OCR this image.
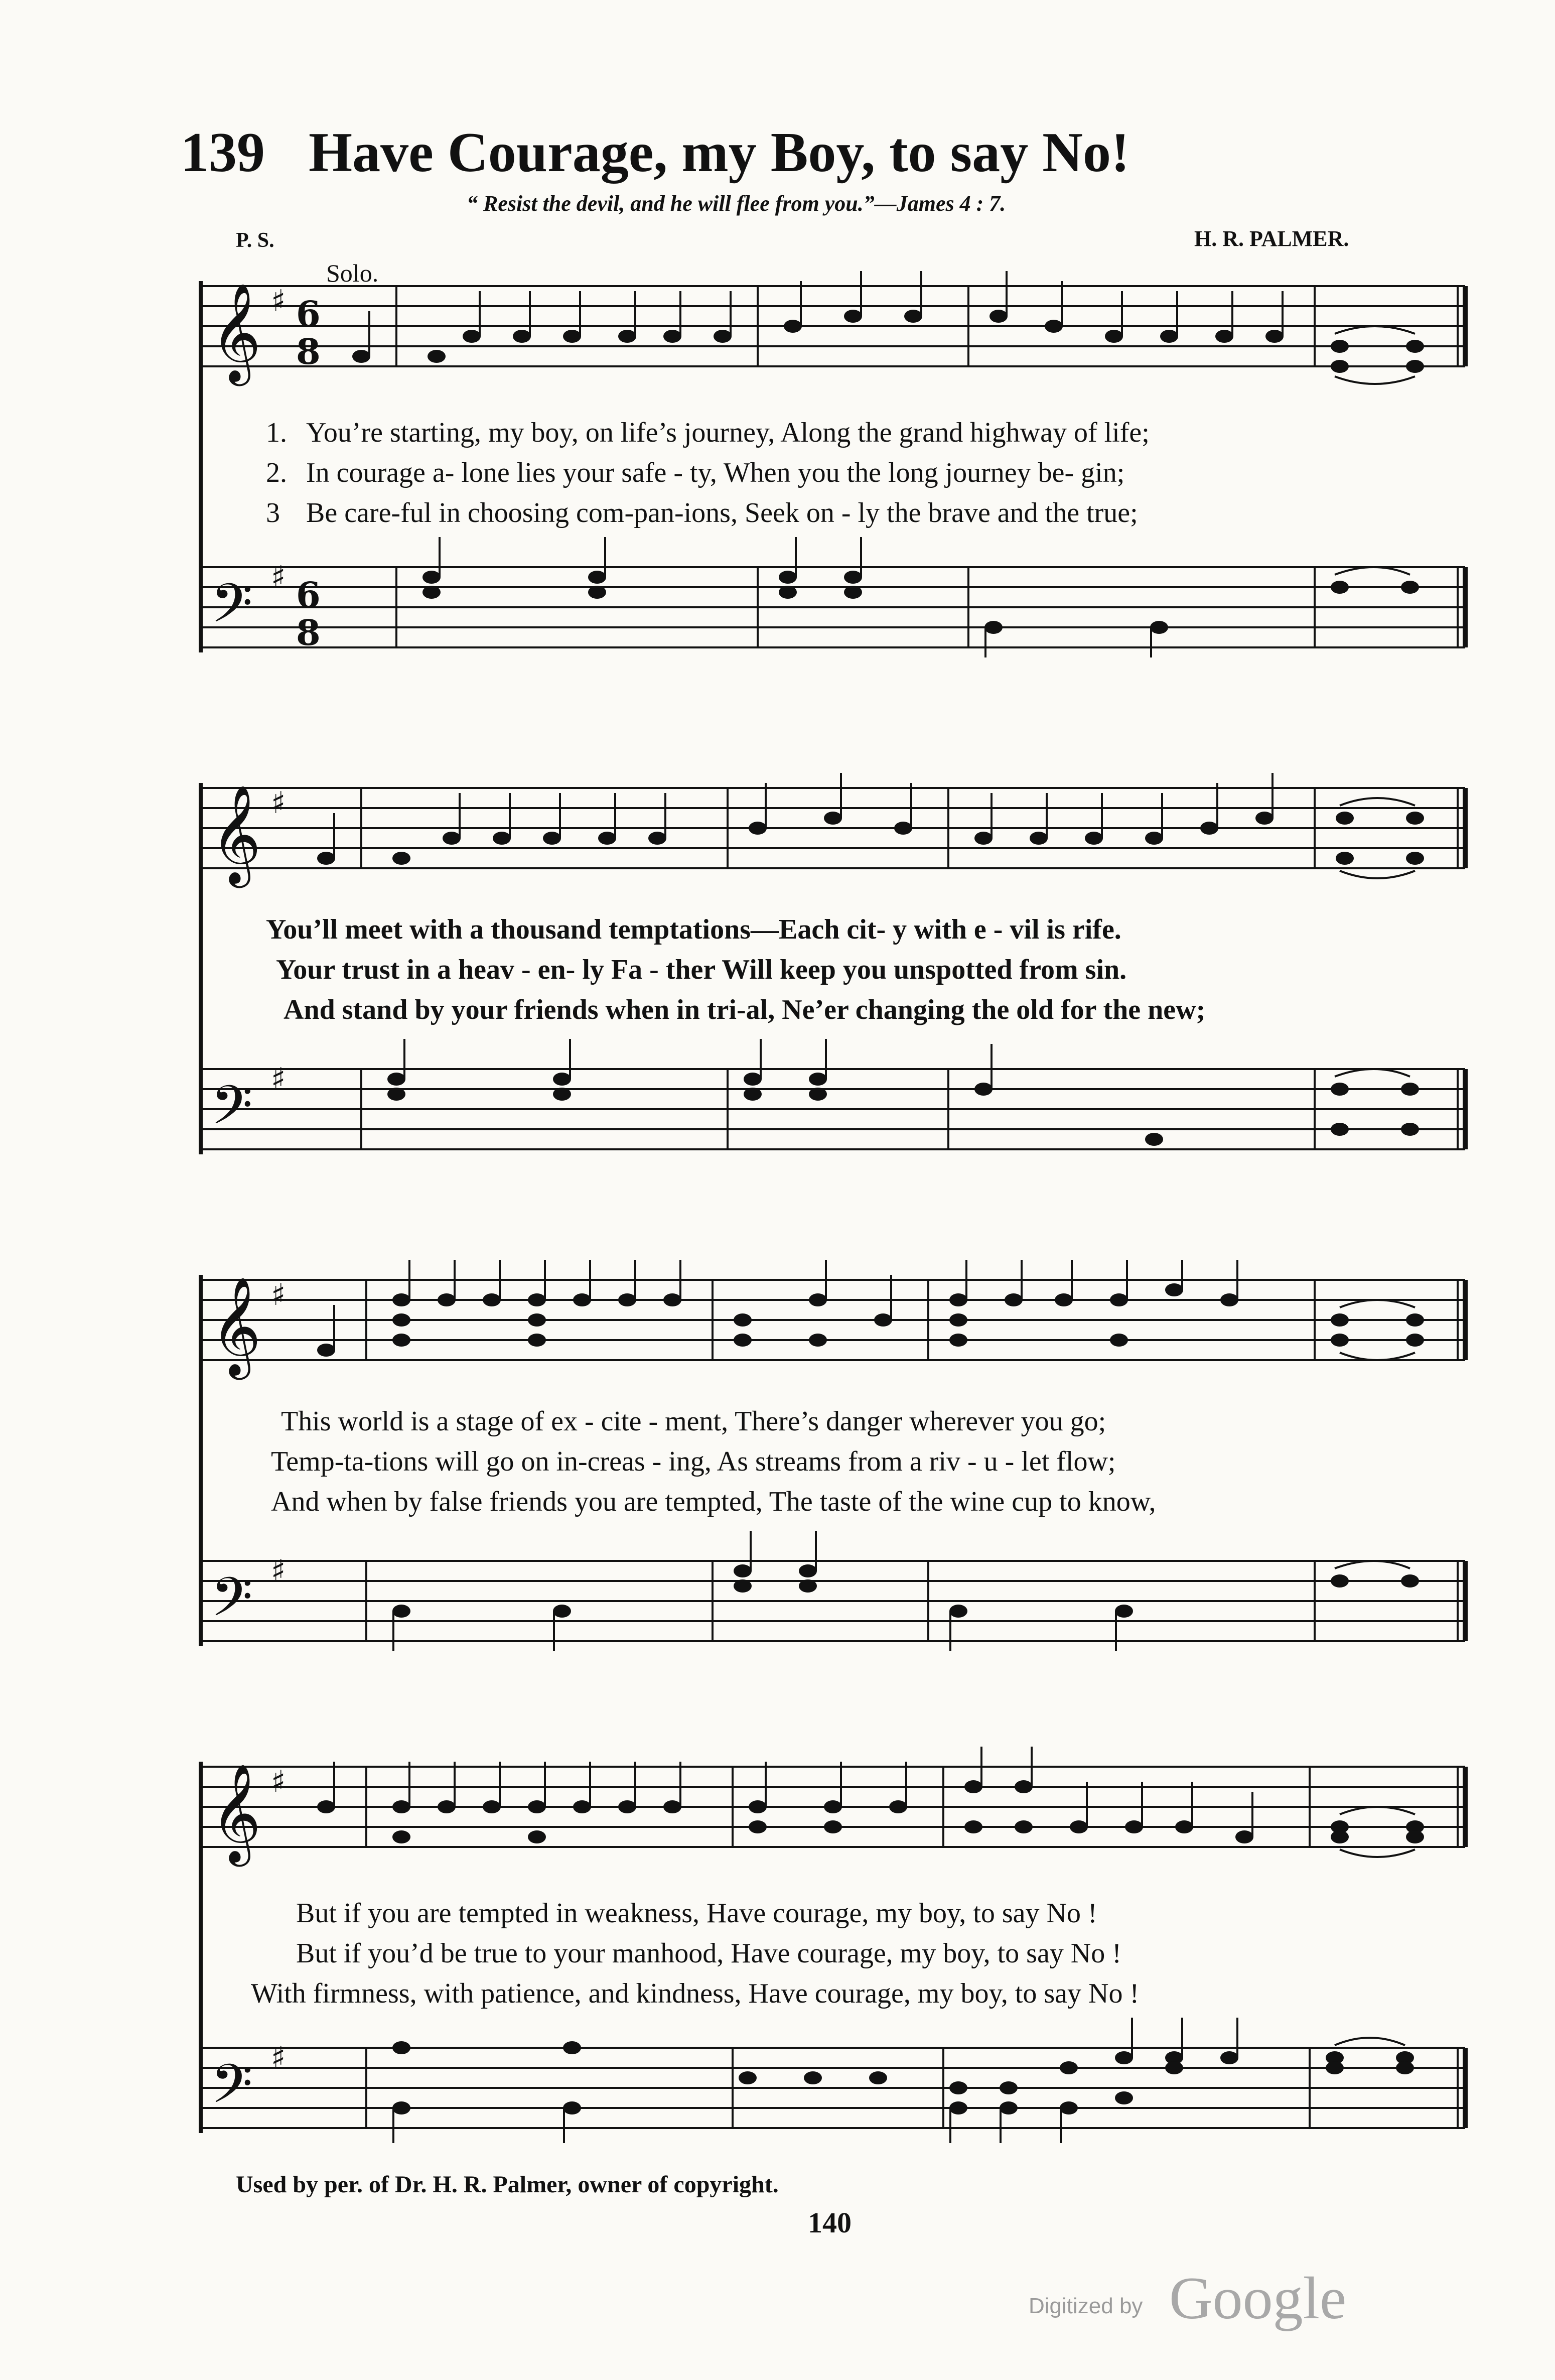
139 Have Courage, my Boy, to say No!
“ Resist the devil, and he will flee from you.”—James 4 : 7.
P. S.	H. R. PALMER.
Solo.
𝄞 ♯ 6
8
𝄢 ♯ 6
8
1.
2.
3
You’re starting, my boy, on life’s journey, Along the grand highway of life;
In courage a- lone lies your safe - ty, When you the long journey be- gin;
Be care-ful in choosing com-pan-ions, Seek on - ly the brave and the true;
𝄞 ♯
𝄢 ♯
You’ll meet with a thousand temptations—Each cit- y with e - vil is rife.
Your trust in a heav - en- ly Fa - ther Will keep you unspotted from sin.
And stand by your friends when in tri-al, Ne’er changing the old for the new;
𝄞 ♯
𝄢 ♯
This world is a stage of ex - cite - ment, There’s danger wherever you go;
Temp-ta-tions will go on in-creas - ing, As streams from a riv - u - let flow;
And when by false friends you are tempted, The taste of the wine cup to know,
𝄞 ♯
𝄢 ♯
But if you are tempted in weakness, Have courage, my boy, to say No !
But if you’d be true to your manhood, Have courage, my boy, to say No !
With firmness, with patience, and kindness, Have courage, my boy, to say No !
Used by per. of Dr. H. R. Palmer, owner of copyright.
140
Digitized by Google
